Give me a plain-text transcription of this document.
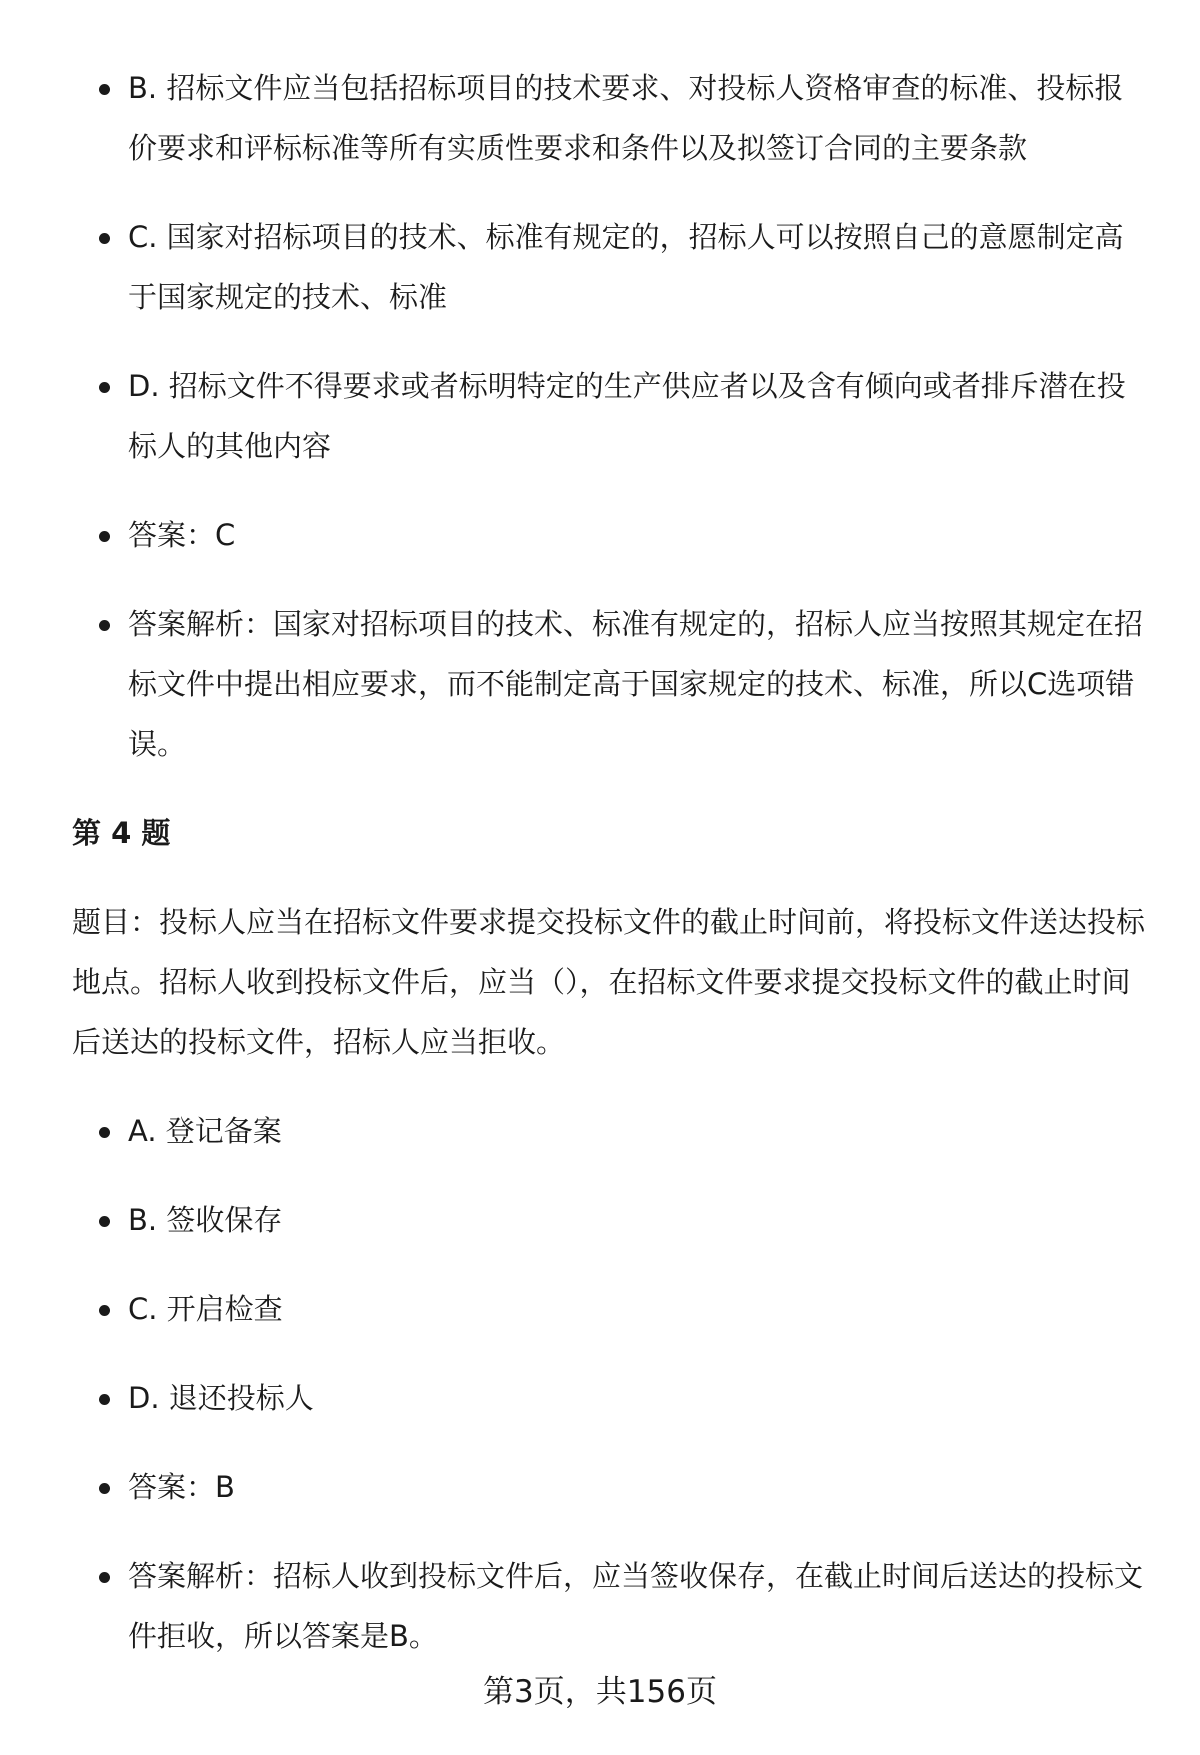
B. 招标文件应当包括招标项目的技术要求、对投标人资格审查的标准、投标报价要求和评标标准等所有实质性要求和条件以及拟签订合同的主要条款
C. 国家对招标项目的技术、标准有规定的，招标人可以按照自己的意愿制定高于国家规定的技术、标准
D. 招标文件不得要求或者标明特定的生产供应者以及含有倾向或者排斥潜在投标人的其他内容
答案：C
答案解析：国家对招标项目的技术、标准有规定的，招标人应当按照其规定在招标文件中提出相应要求，而不能制定高于国家规定的技术、标准，所以C选项错误。
第 4 题
题目：投标人应当在招标文件要求提交投标文件的截止时间前，将投标文件送达投标地点。招标人收到投标文件后，应当（），在招标文件要求提交投标文件的截止时间后送达的投标文件，招标人应当拒收。
A. 登记备案
B. 签收保存
C. 开启检查
D. 退还投标人
答案：B
答案解析：招标人收到投标文件后，应当签收保存，在截止时间后送达的投标文件拒收，所以答案是B。
第3页，共156页
